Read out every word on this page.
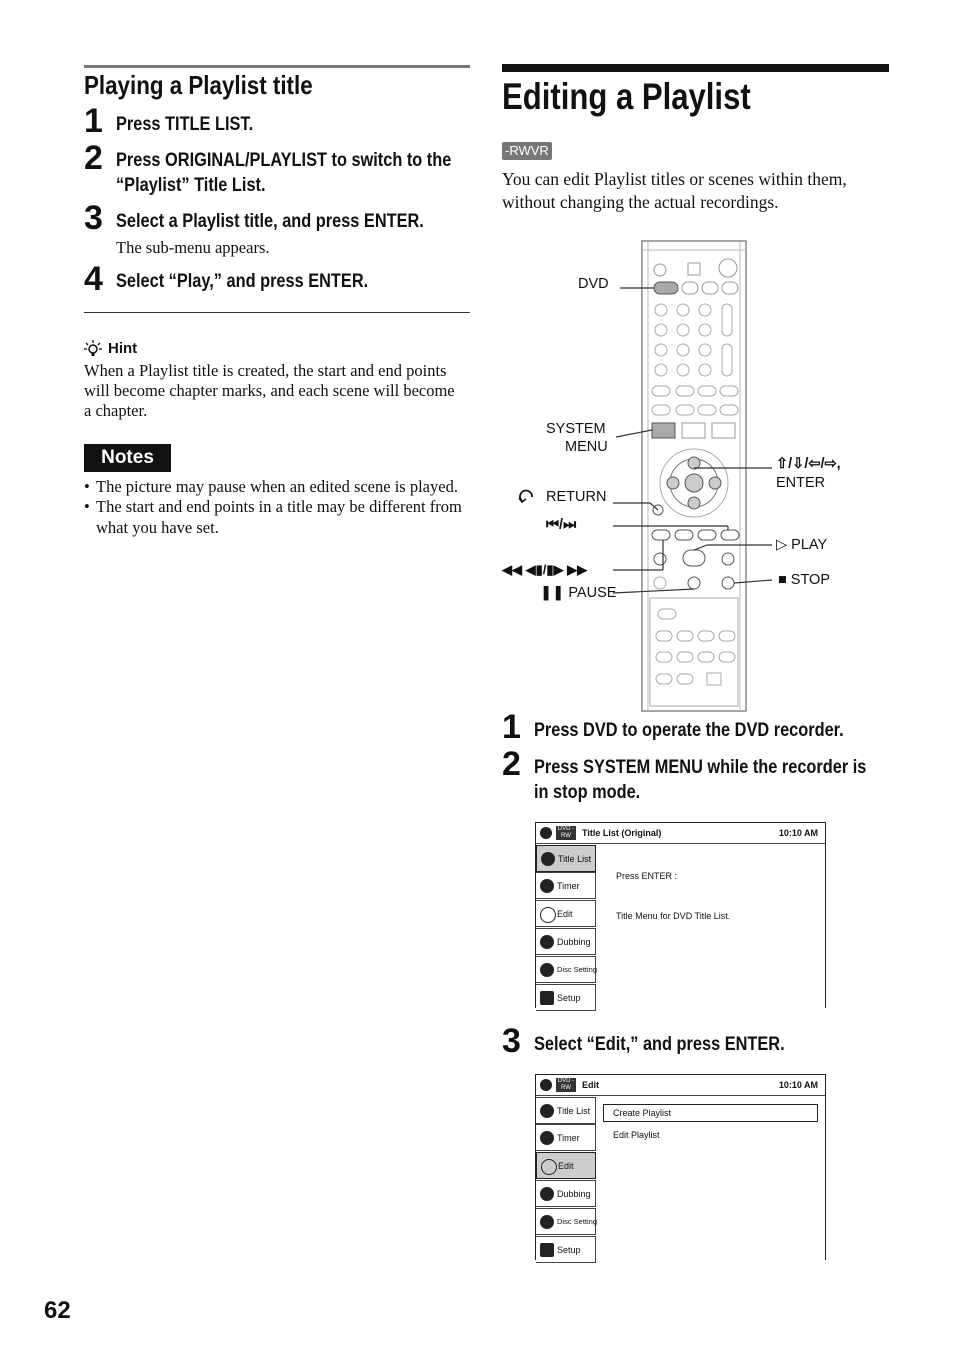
Playing a Playlist title
1 Press TITLE LIST.
2 Press ORIGINAL/PLAYLIST to switch to the
“Playlist” Title List.
3 Select a Playlist title, and press ENTER.
The sub-menu appears.
4 Select “Play,” and press ENTER.
Hint
When a Playlist title is created, the start and end points
will become chapter marks, and each scene will become
a chapter.
Notes
• The picture may pause when an edited scene is played.
• The start and end points in a title may be different from
what you have set.
62
Editing a Playlist
-RWVR
You can edit Playlist titles or scenes within them,
without changing the actual recordings.
DVD
SYSTEM
MENU
RETURN
⏮/⏭
◀◀ ◀▮/▮▶ ▶▶
❚❚ PAUSE
⇧/⇩/⇦/⇨,
ENTER
▷ PLAY
■ STOP
1 Press DVD to operate the DVD recorder.
2 Press SYSTEM MENU while the recorder is
in stop mode.
DVD -RW	Title List (Original)	10:10 AM
Title List
Timer
Edit
Dubbing
Disc Setting
Setup
Press ENTER :
Title Menu for DVD Title List.
3 Select “Edit,” and press ENTER.
DVD -RW	Edit	10:10 AM
Title List
Timer
Edit
Dubbing
Disc Setting
Setup
Create Playlist
Edit Playlist
